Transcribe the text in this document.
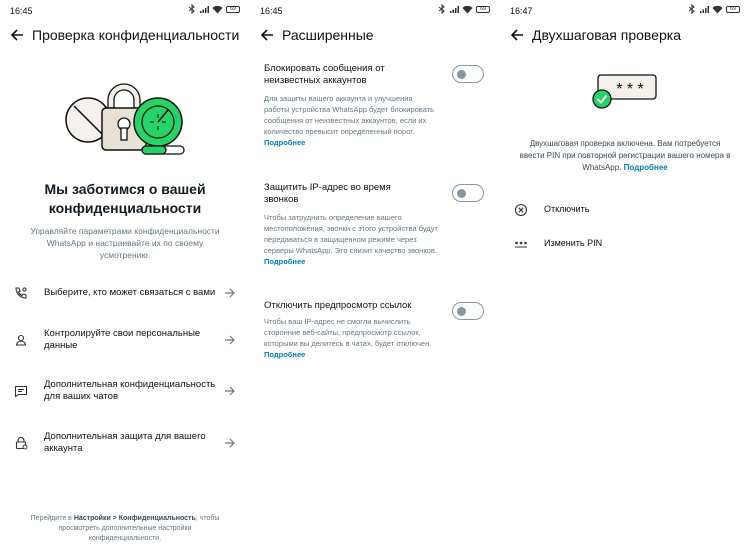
16:45	69
Проверка конфиденциальности
Мы заботимся о вашей конфиденциальности
Управляйте параметрами конфиденциальности WhatsApp и настраивайте их по своему усмотрению.
Выберите, кто может связаться с вами
Контролируйте свои персональные данные
Дополнительная конфиденциальность для ваших чатов
Дополнительная защита для вашего аккаунта
Перейдите в Настройки > Конфиденциальность, чтобы просмотреть дополнительные настройки конфиденциальности.
16:45	69
Расширенные
Блокировать сообщения от неизвестных аккаунтов
Для защиты вашего аккаунта и улучшения работы устройства WhatsApp будет блокировать сообщения от неизвестных аккаунтов, если их количество превысит определенный порог. Подробнее
Защитить IP-адрес во время звонков
Чтобы затруднить определение вашего местоположения, звонки с этого устройства будут передаваться в защищенном режиме через серверы WhatsApp. Это снизит качество звонков. Подробнее
Отключить предпросмотр ссылок
Чтобы ваш IP-адрес не смогли вычислить сторонние веб-сайты, предпросмотр ссылок, которыми вы делитесь в чатах, будет отключен. Подробнее
16:47	69
Двухшаговая проверка
* * *
Двухшаговая проверка включена. Вам потребуется ввести PIN при повторной регистрации вашего номера в WhatsApp. Подробнее
Отключить
Изменить PIN
